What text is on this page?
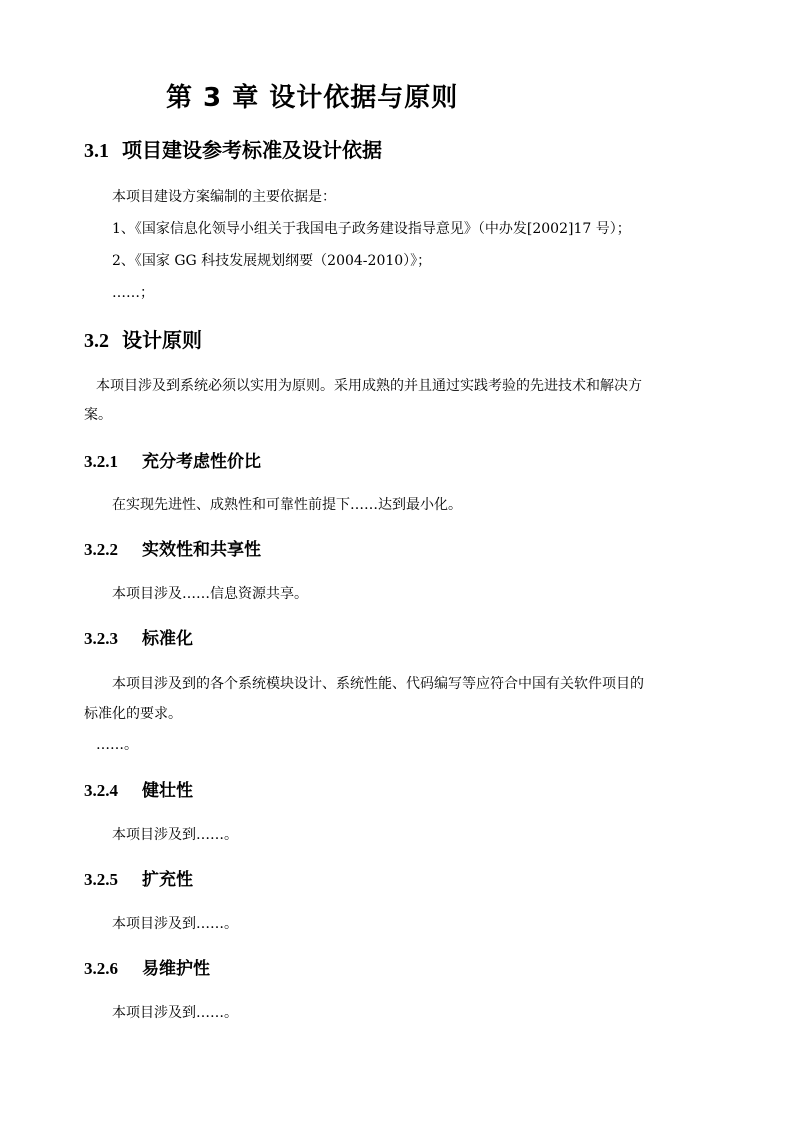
第 3 章 设计依据与原则
3.1 项目建设参考标准及设计依据

本项目建设方案编制的主要依据是：

1、《国家信息化领导小组关于我国电子政务建设指导意见》（中办发[2002]17 号）；

2、《国家 GG 科技发展规划纲要（2004-2010）》；

……；

3.2 设计原则

本项目涉及到系统必须以实用为原则。采用成熟的并且通过实践考验的先进技术和解决方

案。

3.2.1 充分考虑性价比

在实现先进性、成熟性和可靠性前提下……达到最小化。

3.2.2 实效性和共享性

本项目涉及……信息资源共享。

3.2.3 标准化

本项目涉及到的各个系统模块设计、系统性能、代码编写等应符合中国有关软件项目的

标准化的要求。

……。

3.2.4 健壮性

本项目涉及到……。

3.2.5 扩充性

本项目涉及到……。

3.2.6 易维护性

本项目涉及到……。
